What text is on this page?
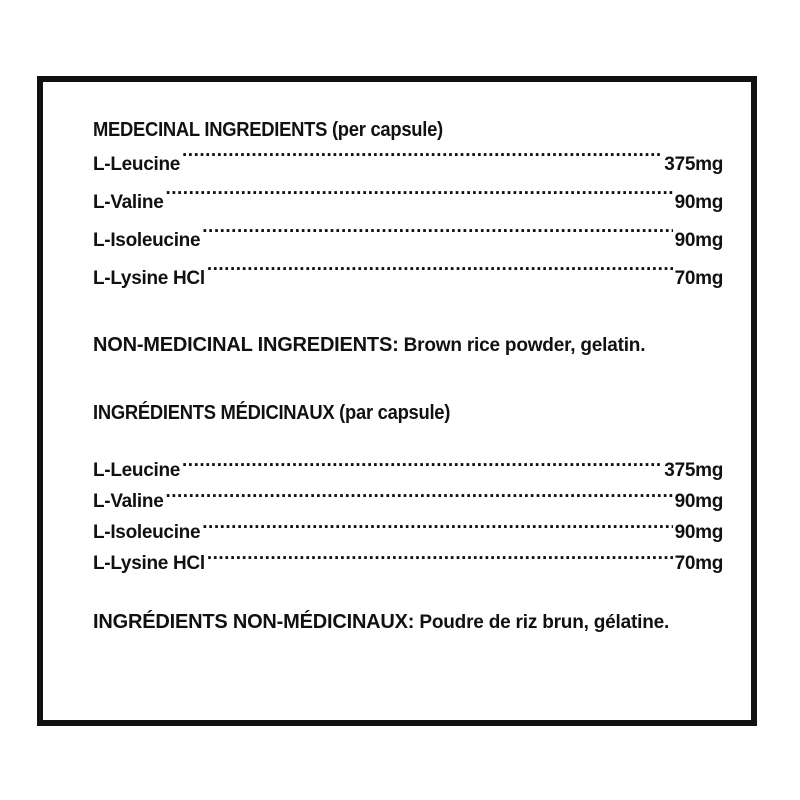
MEDECINAL INGREDIENTS (per capsule)
L-Leucine .....	375mg
L-Valine .....	90mg
L-Isoleucine .....	90mg
L-Lysine HCl .....	70mg
NON-MEDICINAL INGREDIENTS: Brown rice powder, gelatin.
INGRÉDIENTS MÉDICINAUX (par capsule)
L-Leucine .....	375mg
L-Valine .....	90mg
L-Isoleucine .....	90mg
L-Lysine HCl .....	70mg
INGRÉDIENTS NON-MÉDICINAUX: Poudre de riz brun, gélatine.
